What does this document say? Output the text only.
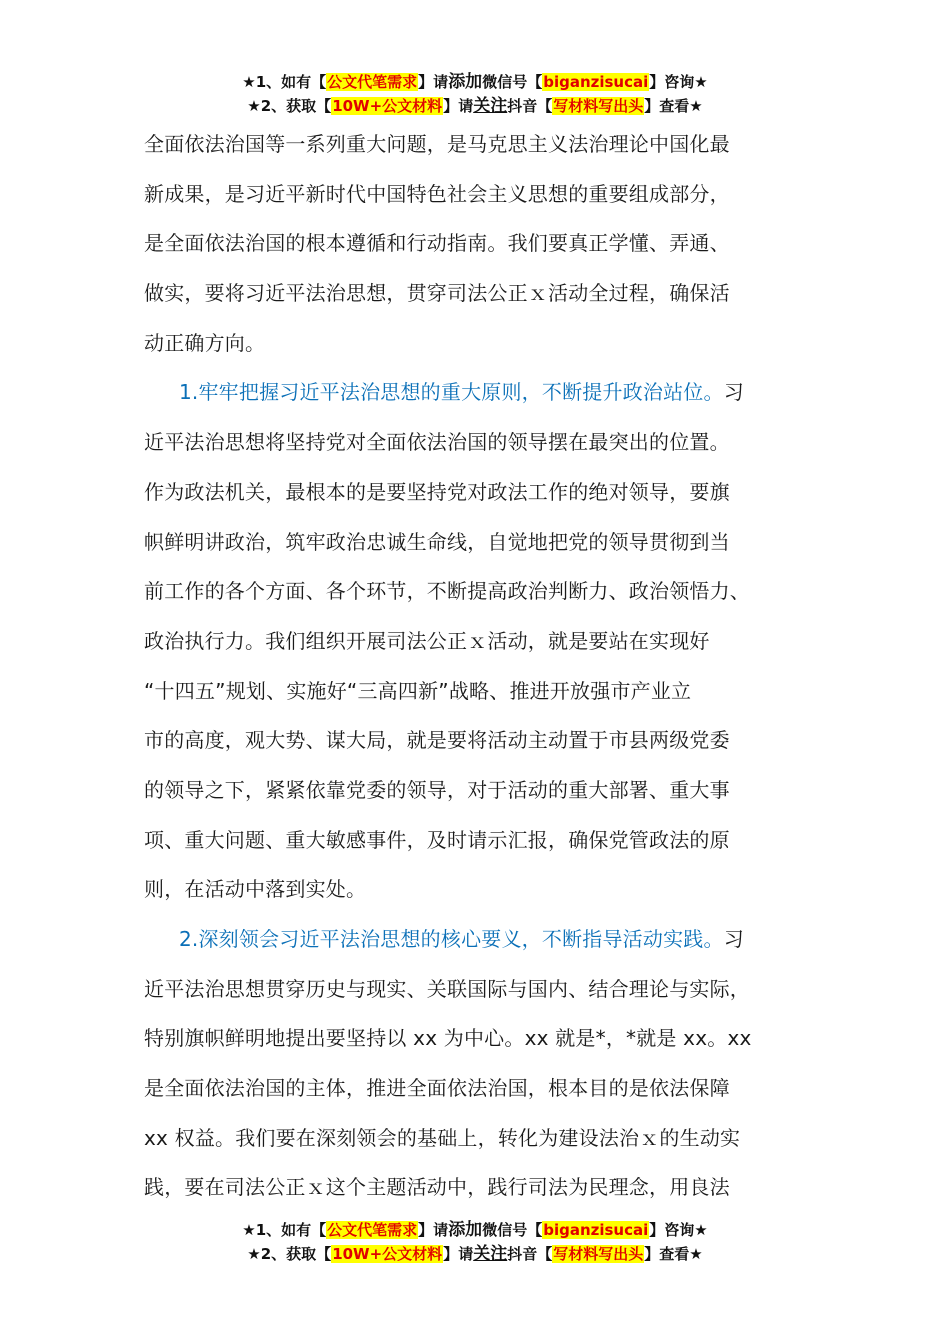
★1、如有【公文代笔需求】请添加微信号【biganzisucai】咨询★
★2、获取【10W+公文材料】请关注抖音【写材料写出头】查看★
全面依法治国等一系列重大问题，是马克思主义法治理论中国化最
新成果，是习近平新时代中国特色社会主义思想的重要组成部分，
是全面依法治国的根本遵循和行动指南。我们要真正学懂、弄通、
做实，要将习近平法治思想，贯穿司法公正ｘ活动全过程，确保活
动正确方向。
1.牢牢把握习近平法治思想的重大原则，不断提升政治站位。习
近平法治思想将坚持党对全面依法治国的领导摆在最突出的位置。
作为政法机关，最根本的是要坚持党对政法工作的绝对领导，要旗
帜鲜明讲政治，筑牢政治忠诚生命线，自觉地把党的领导贯彻到当
前工作的各个方面、各个环节，不断提高政治判断力、政治领悟力、
政治执行力。我们组织开展司法公正ｘ活动，就是要站在实现好
“十四五”规划、实施好“三高四新”战略、推进开放强市产业立
市的高度，观大势、谋大局，就是要将活动主动置于市县两级党委
的领导之下，紧紧依靠党委的领导，对于活动的重大部署、重大事
项、重大问题、重大敏感事件，及时请示汇报，确保党管政法的原
则，在活动中落到实处。
2.深刻领会习近平法治思想的核心要义，不断指导活动实践。习
近平法治思想贯穿历史与现实、关联国际与国内、结合理论与实际，
特别旗帜鲜明地提出要坚持以 xx 为中心。xx 就是*，*就是 xx。xx
是全面依法治国的主体，推进全面依法治国，根本目的是依法保障
xx 权益。我们要在深刻领会的基础上，转化为建设法治ｘ的生动实
践，要在司法公正ｘ这个主题活动中，践行司法为民理念，用良法
★1、如有【公文代笔需求】请添加微信号【biganzisucai】咨询★
★2、获取【10W+公文材料】请关注抖音【写材料写出头】查看★
